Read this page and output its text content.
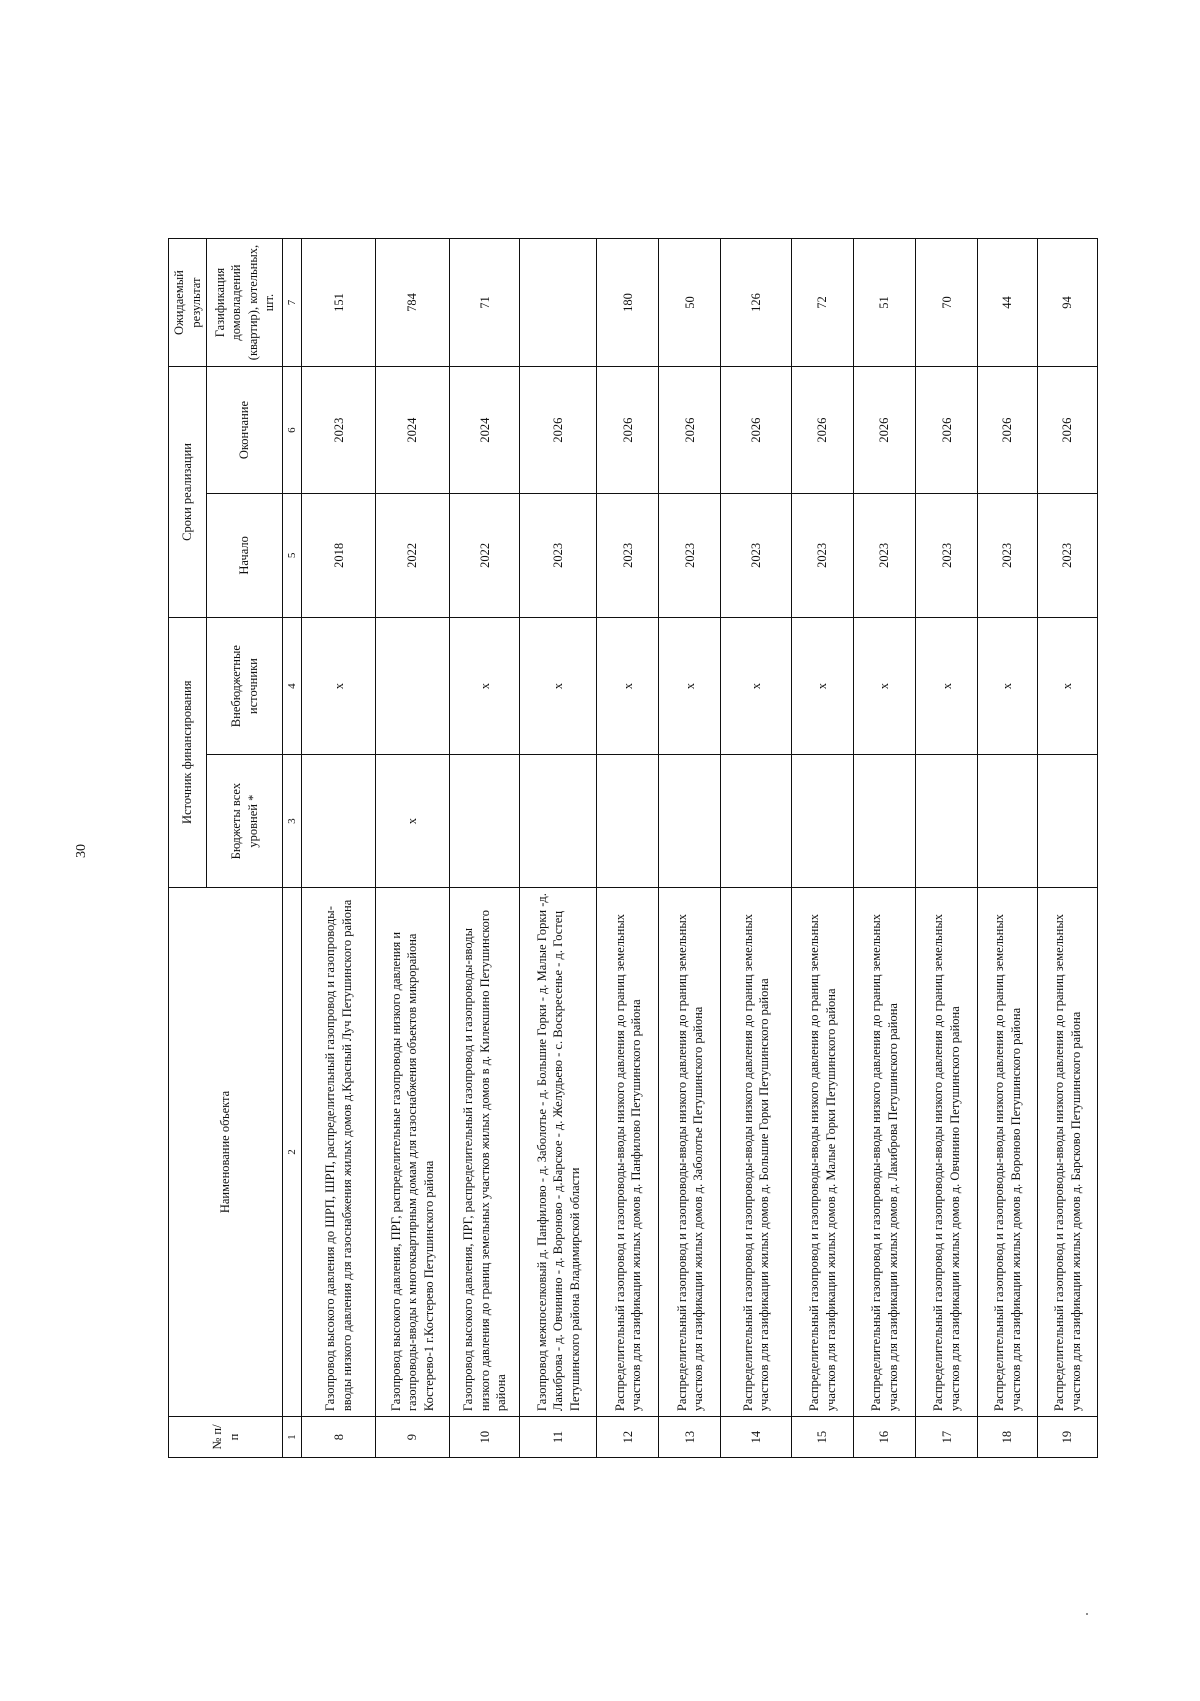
30
№ п/п	Наименование объекта	Источник финансирования		Сроки реализации		Ожидаемый результат
		Бюджеты всех уровней *	Внебюджетные источники	Начало	Окончание	Газификация домовладений (квартир), котельных, шт.
1	2	3	4	5	6	7
8	Газопровод высокого давления до ШРП, ШРП, распределительный газопровод и газопроводы-вводы низкого давления для газоснабжения жилых домов д.Красный Луч Петушинского района		x	2018	2023	151
9	Газопровод высокого давления, ПРГ, распределительные газопроводы низкого давления и газопроводы-вводы к многоквартирным домам для газоснабжения объектов микрорайона Костерево-1 г.Костерево Петушинского района	x		2022	2024	784
10	Газопровод высокого давления, ПРГ, распределительный газопровод и газопроводы-вводы низкого давления до границ земельных участков жилых домов в д. Килекшино Петушинского района		x	2022	2024	71
11	Газопровод межпоселковый д. Панфилово - д. Заболотье - д. Большие Горки - д. Малые Горки -д. Лакиброва - д. Овчинино - д. Вороново - д.Барское - д. Желудьево - с. Воскресенье - д. Гостец Петушинского района Владимирской области		x	2023	2026	
12	Распределительный газопровод и газопроводы-вводы низкого давления до границ земельных участков для газификации жилых домов д. Панфилово Петушинского района		x	2023	2026	180
13	Распределительный газопровод и газопроводы-вводы низкого давления до границ земельных участков для газификации жилых домов д. Заболотье Петушинского района		x	2023	2026	50
14	Распределительный газопровод и газопроводы-вводы низкого давления до границ земельных участков для газификации жилых домов д. Большие Горки Петушинского района		x	2023	2026	126
15	Распределительный газопровод и газопроводы-вводы низкого давления до границ земельных участков для газификации жилых домов д. Малые Горки Петушинского района		x	2023	2026	72
16	Распределительный газопровод и газопроводы-вводы низкого давления до границ земельных участков для газификации жилых домов д. Лакиброва Петушинского района		x	2023	2026	51
17	Распределительный газопровод и газопроводы-вводы низкого давления до границ земельных участков для газификации жилых домов д. Овчинино Петушинского района		x	2023	2026	70
18	Распределительный газопровод и газопроводы-вводы низкого давления до границ земельных участков для газификации жилых домов д. Вороново Петушинского района		x	2023	2026	44
19	Распределительный газопровод и газопроводы-вводы низкого давления до границ земельных участков для газификации жилых домов д. Барсково Петушинского района		x	2023	2026	94
